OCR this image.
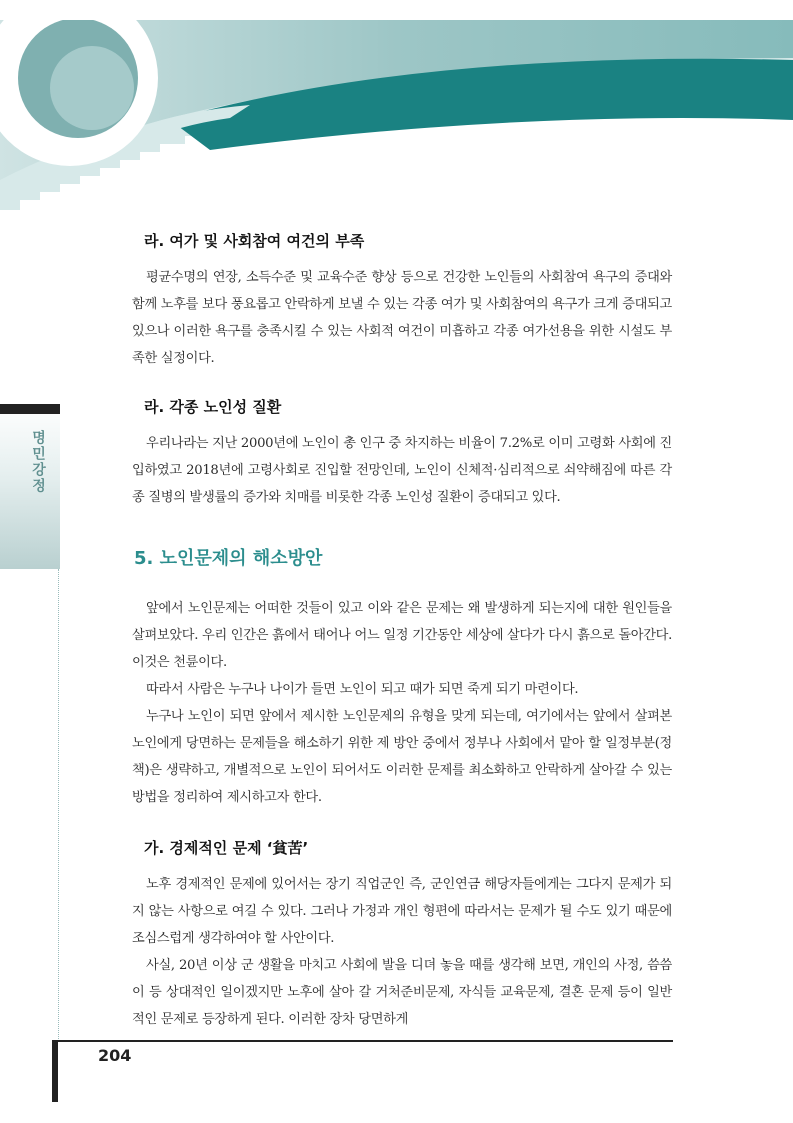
명민강정
라. 여가 및 사회참여 여건의 부족

평균수명의 연장, 소득수준 및 교육수준 향상 등으로 건강한 노인들의 사회참여 욕구의 증대와 함께 노후를 보다 풍요롭고 안락하게 보낼 수 있는 각종 여가 및 사회참여의 욕구가 크게 증대되고 있으나 이러한 욕구를 충족시킬 수 있는 사회적 여건이 미흡하고 각종 여가선용을 위한 시설도 부족한 실정이다.

라. 각종 노인성 질환

우리나라는 지난 2000년에 노인이 총 인구 중 차지하는 비율이 7.2%로 이미 고령화 사회에 진입하였고 2018년에 고령사회로 진입할 전망인데, 노인이 신체적·심리적으로 쇠약해짐에 따른 각종 질병의 발생률의 증가와 치매를 비롯한 각종 노인성 질환이 증대되고 있다.

5. 노인문제의 해소방안

앞에서 노인문제는 어떠한 것들이 있고 이와 같은 문제는 왜 발생하게 되는지에 대한 원인들을 살펴보았다. 우리 인간은 흙에서 태어나 어느 일정 기간동안 세상에 살다가 다시 흙으로 돌아간다. 이것은 천륜이다.

따라서 사람은 누구나 나이가 들면 노인이 되고 때가 되면 죽게 되기 마련이다.

누구나 노인이 되면 앞에서 제시한 노인문제의 유형을 맞게 되는데, 여기에서는 앞에서 살펴본 노인에게 당면하는 문제들을 해소하기 위한 제 방안 중에서 정부나 사회에서 맡아 할 일정부분(정책)은 생략하고, 개별적으로 노인이 되어서도 이러한 문제를 최소화하고 안락하게 살아갈 수 있는 방법을 정리하여 제시하고자 한다.

가. 경제적인 문제 ‘貧苦’

노후 경제적인 문제에 있어서는 장기 직업군인 즉, 군인연금 해당자들에게는 그다지 문제가 되지 않는 사항으로 여길 수 있다. 그러나 가정과 개인 형편에 따라서는 문제가 될 수도 있기 때문에 조심스럽게 생각하여야 할 사안이다.

사실, 20년 이상 군 생활을 마치고 사회에 발을 디뎌 놓을 때를 생각해 보면, 개인의 사정, 씀씀이 등 상대적인 일이겠지만 노후에 살아 갈 거처준비문제, 자식들 교육문제, 결혼 문제 등이 일반적인 문제로 등장하게 된다. 이러한 장차 당면하게

204
